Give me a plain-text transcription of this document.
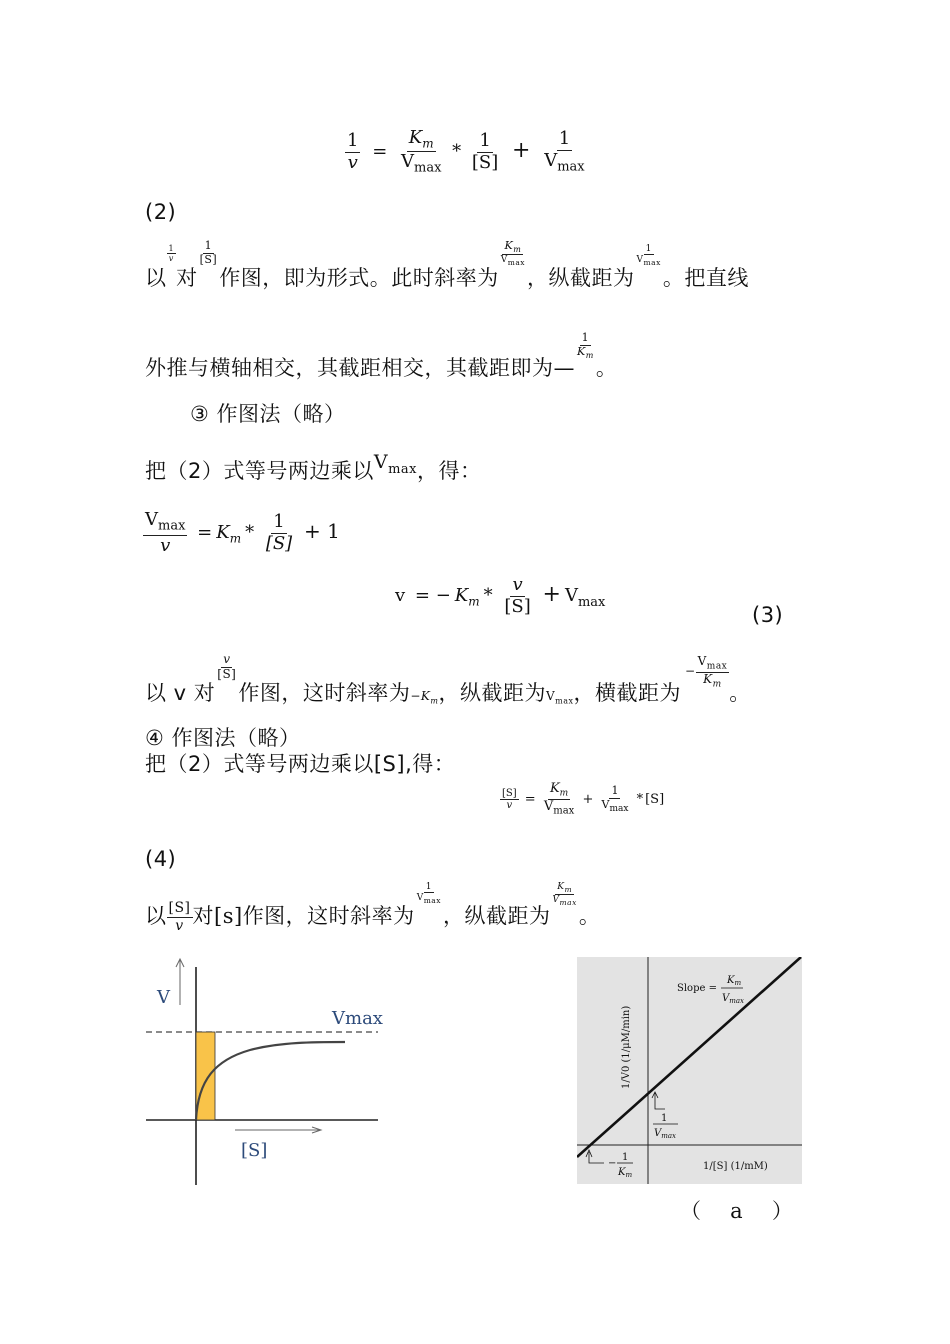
$\frac{1}{v} = \frac{K_m}{V_{max}} * \frac{1}{[S]} + \frac{1}{V_{max}}$
(2)
以
$\frac{1}{v}$
对
$\frac{1}{[S]}$
作图，即为形式。此时斜率为
$\frac{K_m}{V_{max}}$
，纵截距为
$\frac{1}{V_{max}}$
。把直线
外推与横轴相交，其截距相交，其截距即为—
$\frac{1}{K_m}$
。
③ 作图法（略）
把（2）式等号两边乘以$V_{max}$，得：
$\frac{V_{max}}{v} = K_m * \frac{1}{[S]} + 1$
v = − $K_m * \frac{v}{[S]} + V_{max}$
(3)
以 v 对
$\frac{v}{[S]}$
作图，这时斜率为$-K_m$，纵截距为$V_{max}$，横截距为− $\frac{V_{max}}{K_m}$
。
④ 作图法（略）
把（2）式等号两边乘以[S],得：
$\frac{[S]}{v} = \frac{K_m}{V_{max}} + \frac{1}{V_{max}} * [S]$
(4)
以 $\frac{[S]}{v}$ 对[s]作图，这时斜率为
$\frac{1}{V_{max}}$
，纵截距为
$\frac{K_m}{V_{max}}$
。
V
Vmax
[S]
Slope =
$K_m$
$V_{max}$
1/V0 (1/μM/min)
1
$V_{max}$
−
1
$K_m$
1/[S] (1/mM)
（　 a 　）
